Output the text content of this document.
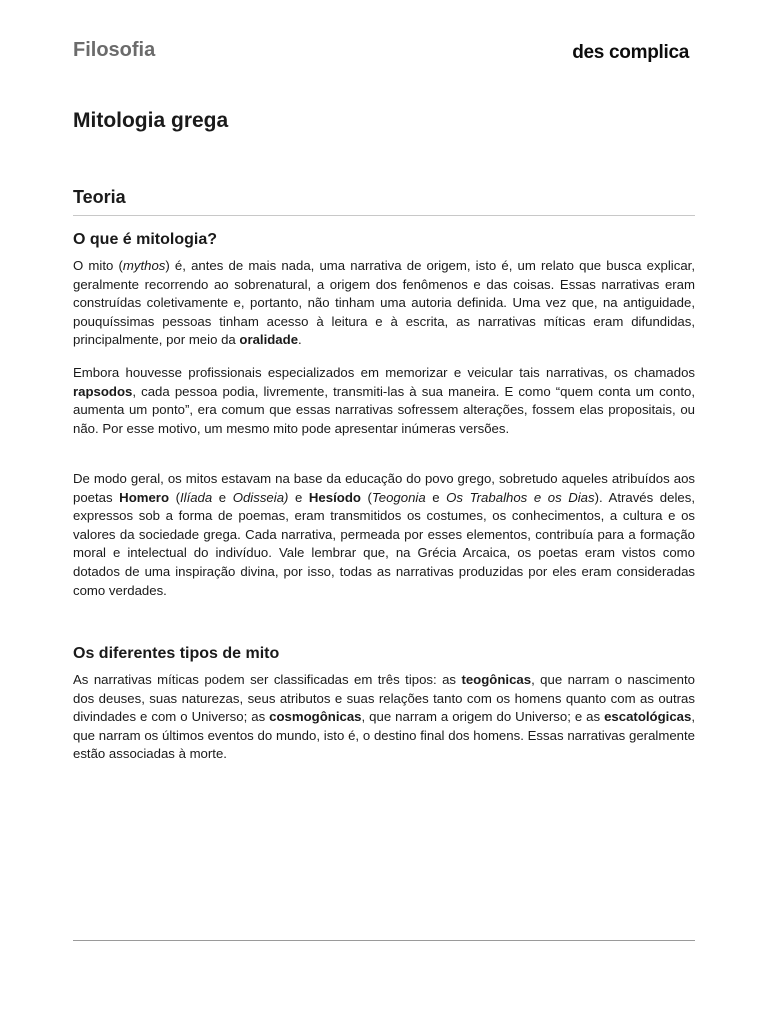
Filosofia	des complica
Mitologia grega
Teoria
O que é mitologia?

O mito (mythos) é, antes de mais nada, uma narrativa de origem, isto é, um relato que busca explicar, geralmente recorrendo ao sobrenatural, a origem dos fenômenos e das coisas. Essas narrativas eram construídas coletivamente e, portanto, não tinham uma autoria definida. Uma vez que, na antiguidade, pouquíssimas pessoas tinham acesso à leitura e à escrita, as narrativas míticas eram difundidas, principalmente, por meio da oralidade.

Embora houvesse profissionais especializados em memorizar e veicular tais narrativas, os chamados rapsodos, cada pessoa podia, livremente, transmiti-las à sua maneira. E como “quem conta um conto, aumenta um ponto”, era comum que essas narrativas sofressem alterações, fossem elas propositais, ou não. Por esse motivo, um mesmo mito pode apresentar inúmeras versões.

De modo geral, os mitos estavam na base da educação do povo grego, sobretudo aqueles atribuídos aos poetas Homero (Ilíada e Odisseia) e Hesíodo (Teogonia e Os Trabalhos e os Dias). Através deles, expressos sob a forma de poemas, eram transmitidos os costumes, os conhecimentos, a cultura e os valores da sociedade grega. Cada narrativa, permeada por esses elementos, contribuía para a formação moral e intelectual do indivíduo. Vale lembrar que, na Grécia Arcaica, os poetas eram vistos como dotados de uma inspiração divina, por isso, todas as narrativas produzidas por eles eram consideradas como verdades.

Os diferentes tipos de mito

As narrativas míticas podem ser classificadas em três tipos: as teogônicas, que narram o nascimento dos deuses, suas naturezas, seus atributos e suas relações tanto com os homens quanto com as outras divindades e com o Universo; as cosmogônicas, que narram a origem do Universo; e as escatológicas, que narram os últimos eventos do mundo, isto é, o destino final dos homens. Essas narrativas geralmente estão associadas à morte.
